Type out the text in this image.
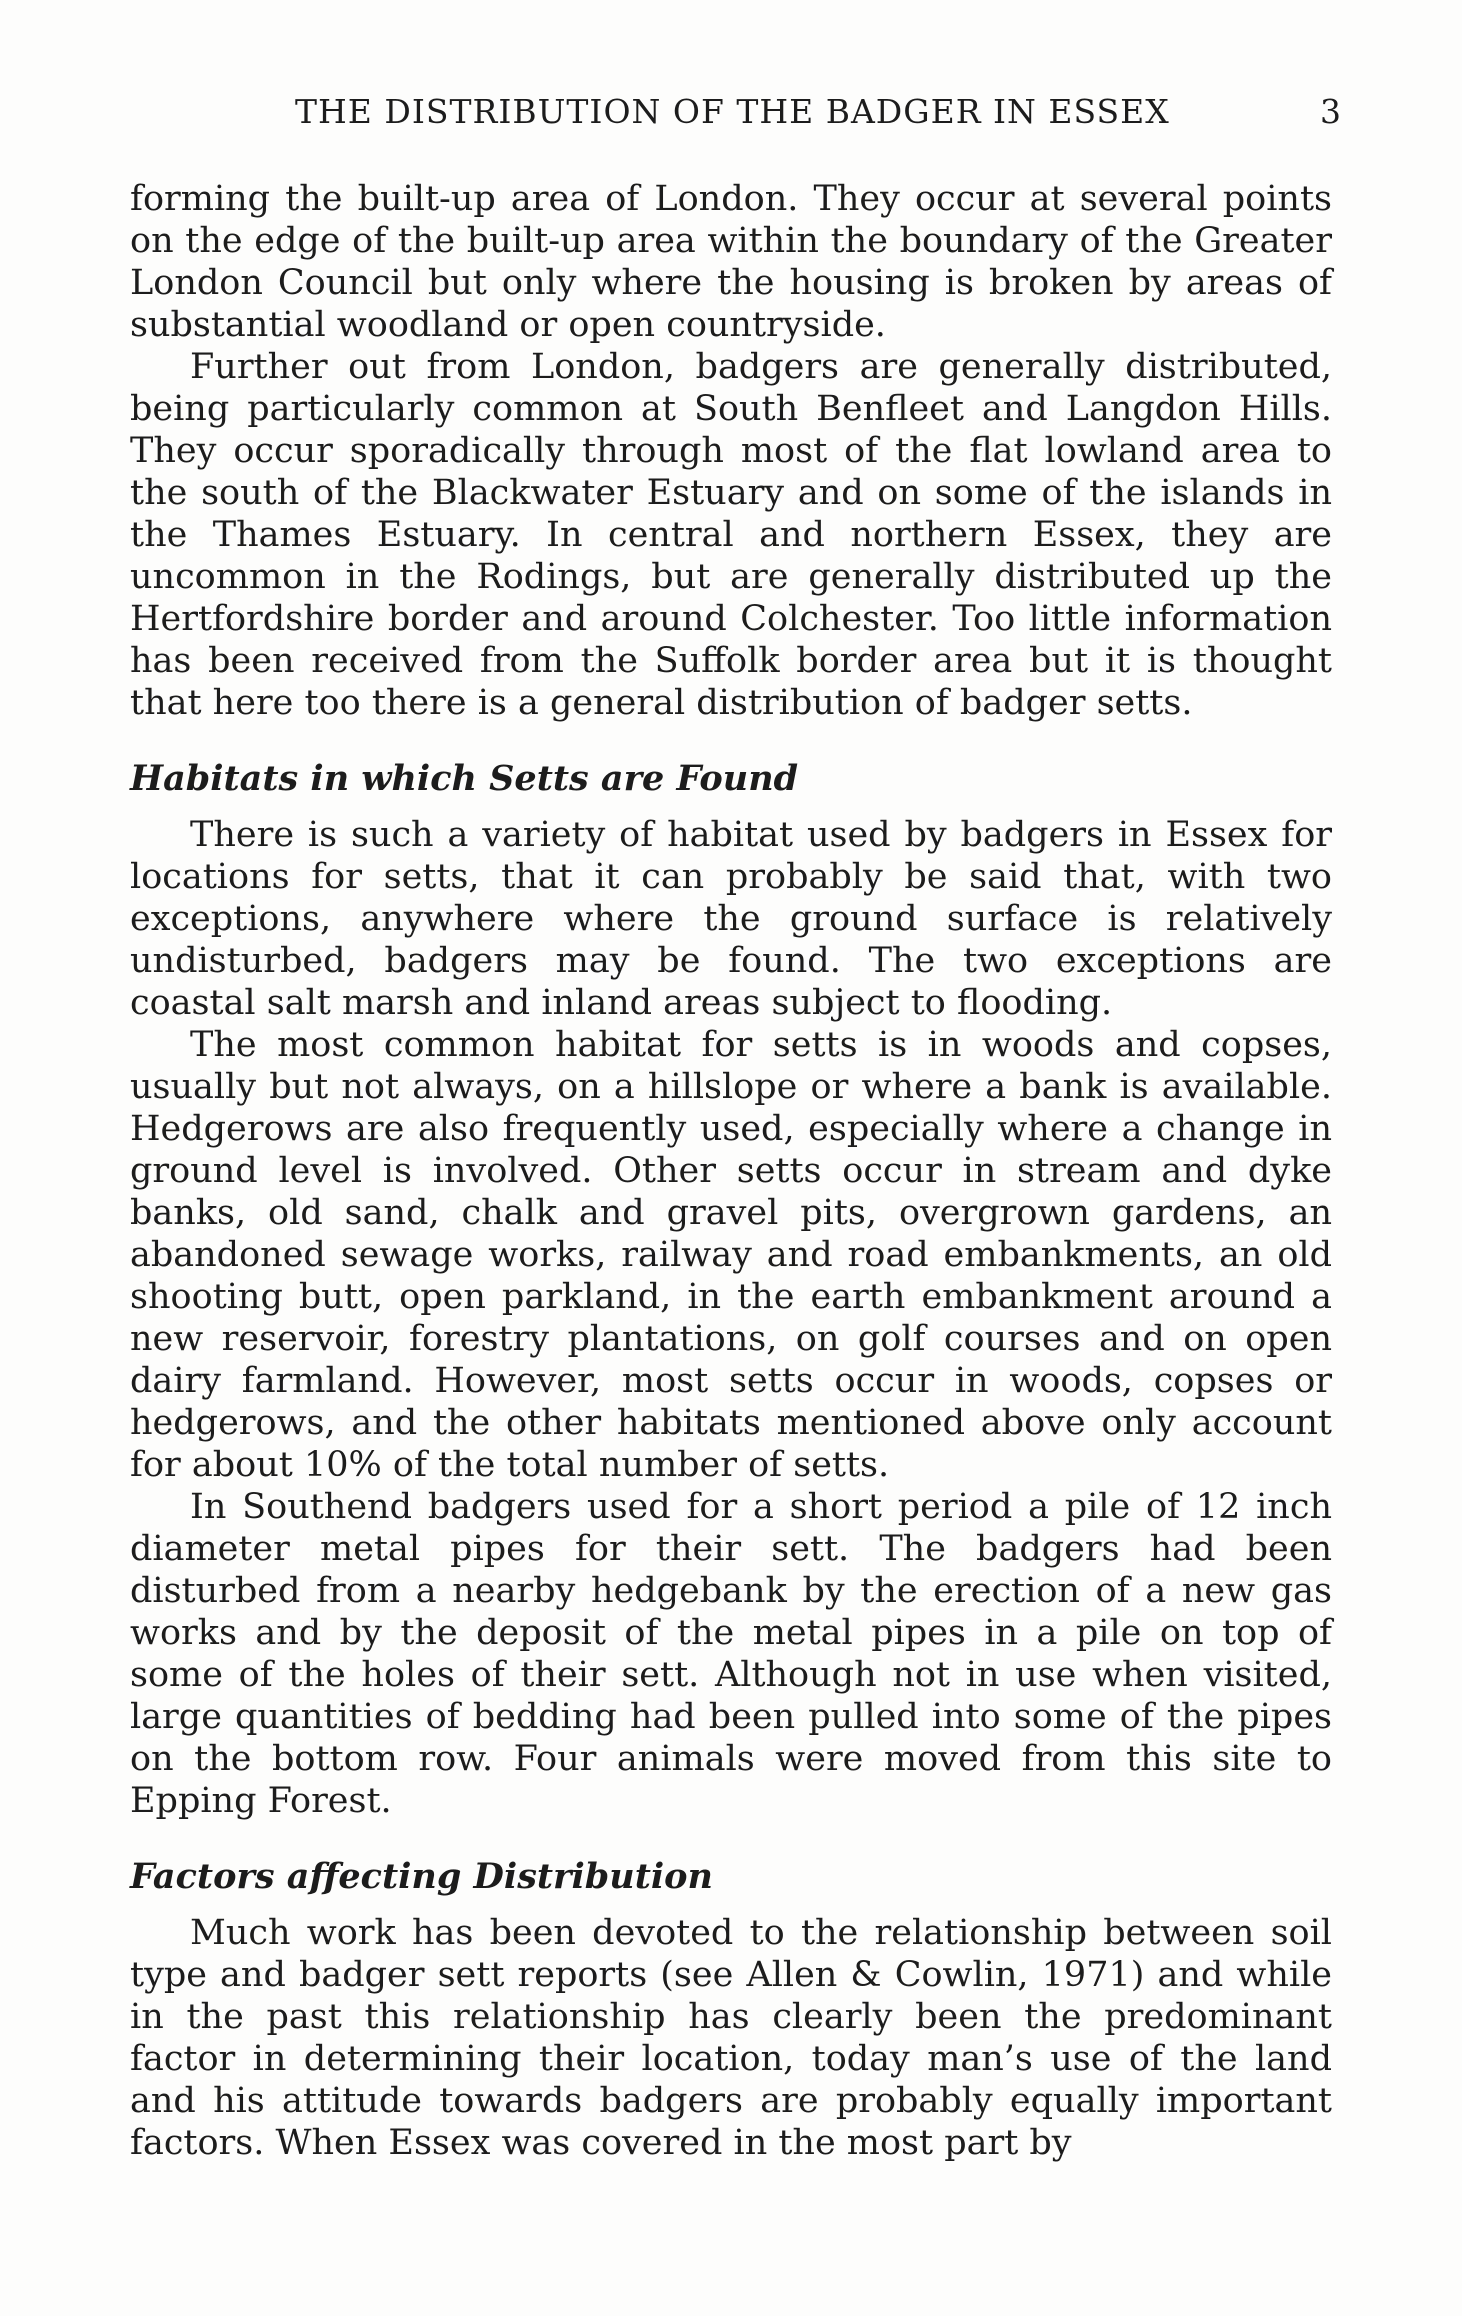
THE DISTRIBUTION OF THE BADGER IN ESSEX	3

forming the built-up area of London. They occur at several points on the edge of the built-up area within the boundary of the Greater London Council but only where the housing is broken by areas of substantial woodland or open countryside.

Further out from London, badgers are generally distributed, being particularly common at South Benfleet and Langdon Hills. They occur sporadically through most of the flat lowland area to the south of the Blackwater Estuary and on some of the islands in the Thames Estuary. In central and northern Essex, they are uncommon in the Rodings, but are generally distributed up the Hertfordshire border and around Colchester. Too little information has been received from the Suffolk border area but it is thought that here too there is a general distribution of badger setts.

Habitats in which Setts are Found

There is such a variety of habitat used by badgers in Essex for locations for setts, that it can probably be said that, with two exceptions, anywhere where the ground surface is relatively undisturbed, badgers may be found. The two exceptions are coastal salt marsh and inland areas subject to flooding.

The most common habitat for setts is in woods and copses, usually but not always, on a hillslope or where a bank is available. Hedgerows are also frequently used, especially where a change in ground level is involved. Other setts occur in stream and dyke banks, old sand, chalk and gravel pits, overgrown gardens, an abandoned sewage works, railway and road embankments, an old shooting butt, open parkland, in the earth embankment around a new reservoir, forestry plantations, on golf courses and on open dairy farmland. However, most setts occur in woods, copses or hedgerows, and the other habitats mentioned above only account for about 10% of the total number of setts.

In Southend badgers used for a short period a pile of 12 inch diameter metal pipes for their sett. The badgers had been disturbed from a nearby hedgebank by the erection of a new gas works and by the deposit of the metal pipes in a pile on top of some of the holes of their sett. Although not in use when visited, large quantities of bedding had been pulled into some of the pipes on the bottom row. Four animals were moved from this site to Epping Forest.

Factors affecting Distribution

Much work has been devoted to the relationship between soil type and badger sett reports (see Allen & Cowlin, 1971) and while in the past this relationship has clearly been the predominant factor in determining their location, today man’s use of the land and his attitude towards badgers are probably equally important factors. When Essex was covered in the most part by
